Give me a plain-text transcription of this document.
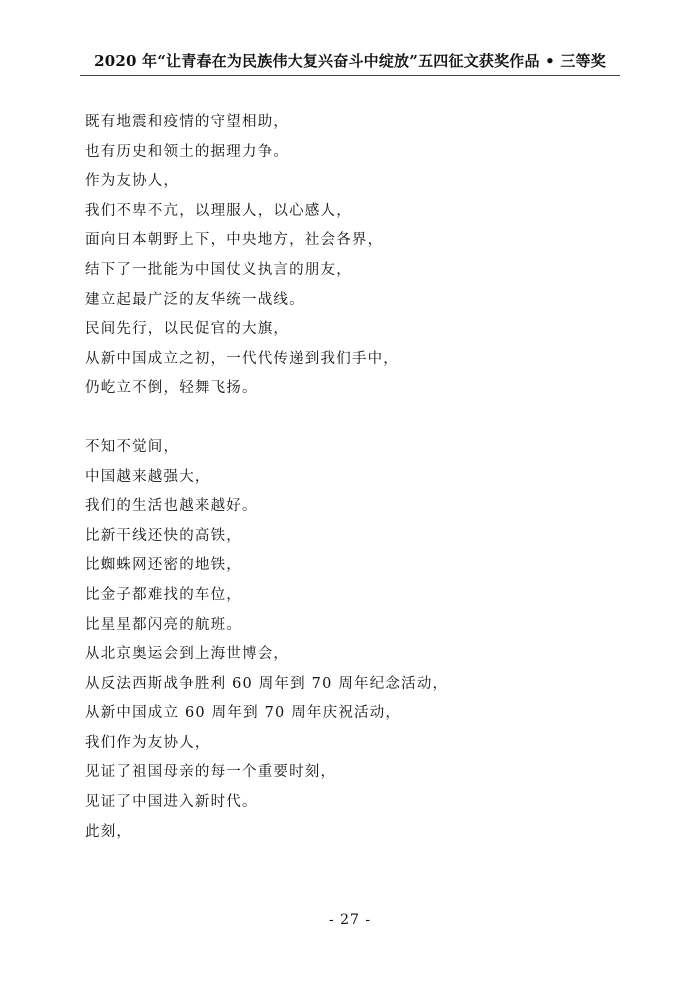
2020 年“让青春在为民族伟大复兴奋斗中绽放”五四征文获奖作品 • 三等奖
既有地震和疫情的守望相助，
也有历史和领土的据理力争。
作为友协人，
我们不卑不亢，以理服人，以心感人，
面向日本朝野上下，中央地方，社会各界，
结下了一批能为中国仗义执言的朋友，
建立起最广泛的友华统一战线。
民间先行，以民促官的大旗，
从新中国成立之初，一代代传递到我们手中，
仍屹立不倒，轻舞飞扬。
不知不觉间，
中国越来越强大，
我们的生活也越来越好。
比新干线还快的高铁，
比蜘蛛网还密的地铁，
比金子都难找的车位，
比星星都闪亮的航班。
从北京奥运会到上海世博会，
从反法西斯战争胜利 60 周年到 70 周年纪念活动，
从新中国成立 60 周年到 70 周年庆祝活动，
我们作为友协人，
见证了祖国母亲的每一个重要时刻，
见证了中国进入新时代。
此刻，
- 27 -
